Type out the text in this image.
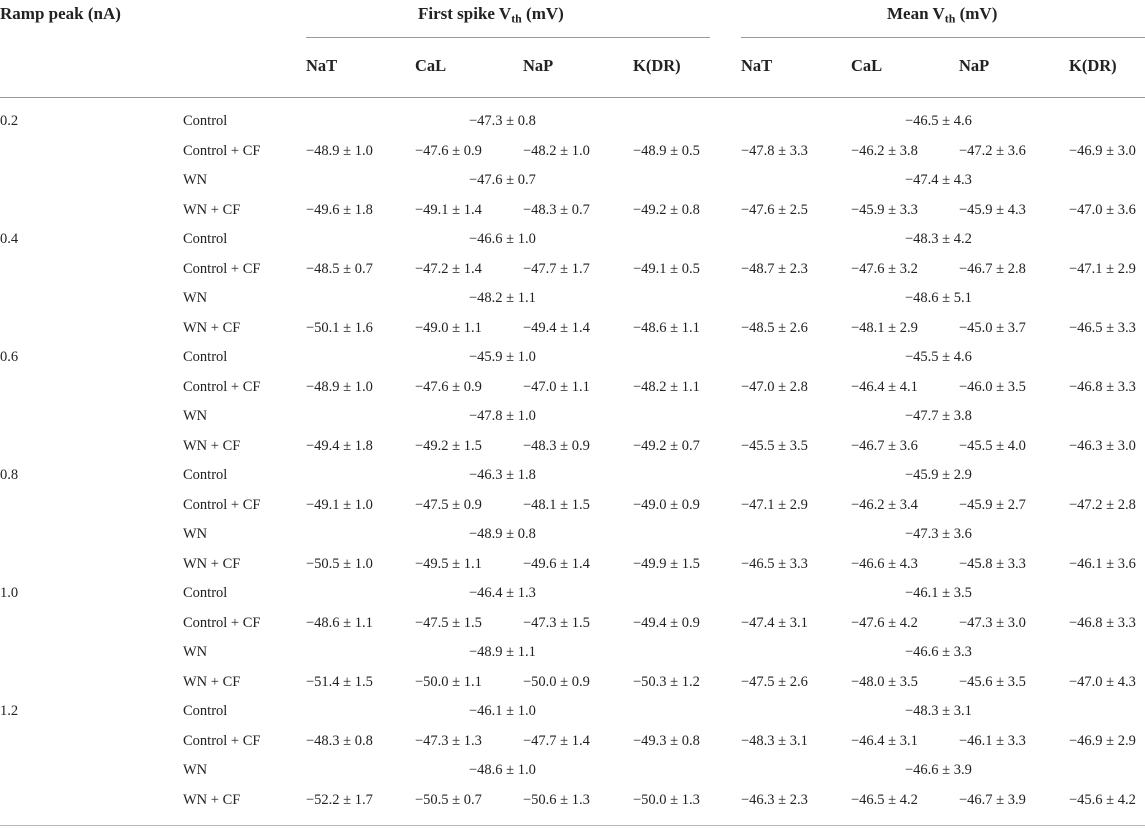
Ramp peak (nA)	First spike $V_{th}$ (mV)	Mean $V_{th}$ (mV)
NaT	CaL	NaP	K(DR)	NaT	CaL	NaP	K(DR)
0.2	Control	−47.3 ± 0.8	−46.5 ± 4.6
Control + CF	−48.9 ± 1.0	−47.6 ± 0.9	−48.2 ± 1.0	−48.9 ± 0.5	−47.8 ± 3.3	−46.2 ± 3.8	−47.2 ± 3.6	−46.9 ± 3.0
WN	−47.6 ± 0.7	−47.4 ± 4.3
WN + CF	−49.6 ± 1.8	−49.1 ± 1.4	−48.3 ± 0.7	−49.2 ± 0.8	−47.6 ± 2.5	−45.9 ± 3.3	−45.9 ± 4.3	−47.0 ± 3.6
0.4	Control	−46.6 ± 1.0	−48.3 ± 4.2
Control + CF	−48.5 ± 0.7	−47.2 ± 1.4	−47.7 ± 1.7	−49.1 ± 0.5	−48.7 ± 2.3	−47.6 ± 3.2	−46.7 ± 2.8	−47.1 ± 2.9
WN	−48.2 ± 1.1	−48.6 ± 5.1
WN + CF	−50.1 ± 1.6	−49.0 ± 1.1	−49.4 ± 1.4	−48.6 ± 1.1	−48.5 ± 2.6	−48.1 ± 2.9	−45.0 ± 3.7	−46.5 ± 3.3
0.6	Control	−45.9 ± 1.0	−45.5 ± 4.6
Control + CF	−48.9 ± 1.0	−47.6 ± 0.9	−47.0 ± 1.1	−48.2 ± 1.1	−47.0 ± 2.8	−46.4 ± 4.1	−46.0 ± 3.5	−46.8 ± 3.3
WN	−47.8 ± 1.0	−47.7 ± 3.8
WN + CF	−49.4 ± 1.8	−49.2 ± 1.5	−48.3 ± 0.9	−49.2 ± 0.7	−45.5 ± 3.5	−46.7 ± 3.6	−45.5 ± 4.0	−46.3 ± 3.0
0.8	Control	−46.3 ± 1.8	−45.9 ± 2.9
Control + CF	−49.1 ± 1.0	−47.5 ± 0.9	−48.1 ± 1.5	−49.0 ± 0.9	−47.1 ± 2.9	−46.2 ± 3.4	−45.9 ± 2.7	−47.2 ± 2.8
WN	−48.9 ± 0.8	−47.3 ± 3.6
WN + CF	−50.5 ± 1.0	−49.5 ± 1.1	−49.6 ± 1.4	−49.9 ± 1.5	−46.5 ± 3.3	−46.6 ± 4.3	−45.8 ± 3.3	−46.1 ± 3.6
1.0	Control	−46.4 ± 1.3	−46.1 ± 3.5
Control + CF	−48.6 ± 1.1	−47.5 ± 1.5	−47.3 ± 1.5	−49.4 ± 0.9	−47.4 ± 3.1	−47.6 ± 4.2	−47.3 ± 3.0	−46.8 ± 3.3
WN	−48.9 ± 1.1	−46.6 ± 3.3
WN + CF	−51.4 ± 1.5	−50.0 ± 1.1	−50.0 ± 0.9	−50.3 ± 1.2	−47.5 ± 2.6	−48.0 ± 3.5	−45.6 ± 3.5	−47.0 ± 4.3
1.2	Control	−46.1 ± 1.0	−48.3 ± 3.1
Control + CF	−48.3 ± 0.8	−47.3 ± 1.3	−47.7 ± 1.4	−49.3 ± 0.8	−48.3 ± 3.1	−46.4 ± 3.1	−46.1 ± 3.3	−46.9 ± 2.9
WN	−48.6 ± 1.0	−46.6 ± 3.9
WN + CF	−52.2 ± 1.7	−50.5 ± 0.7	−50.6 ± 1.3	−50.0 ± 1.3	−46.3 ± 2.3	−46.5 ± 4.2	−46.7 ± 3.9	−45.6 ± 4.2
